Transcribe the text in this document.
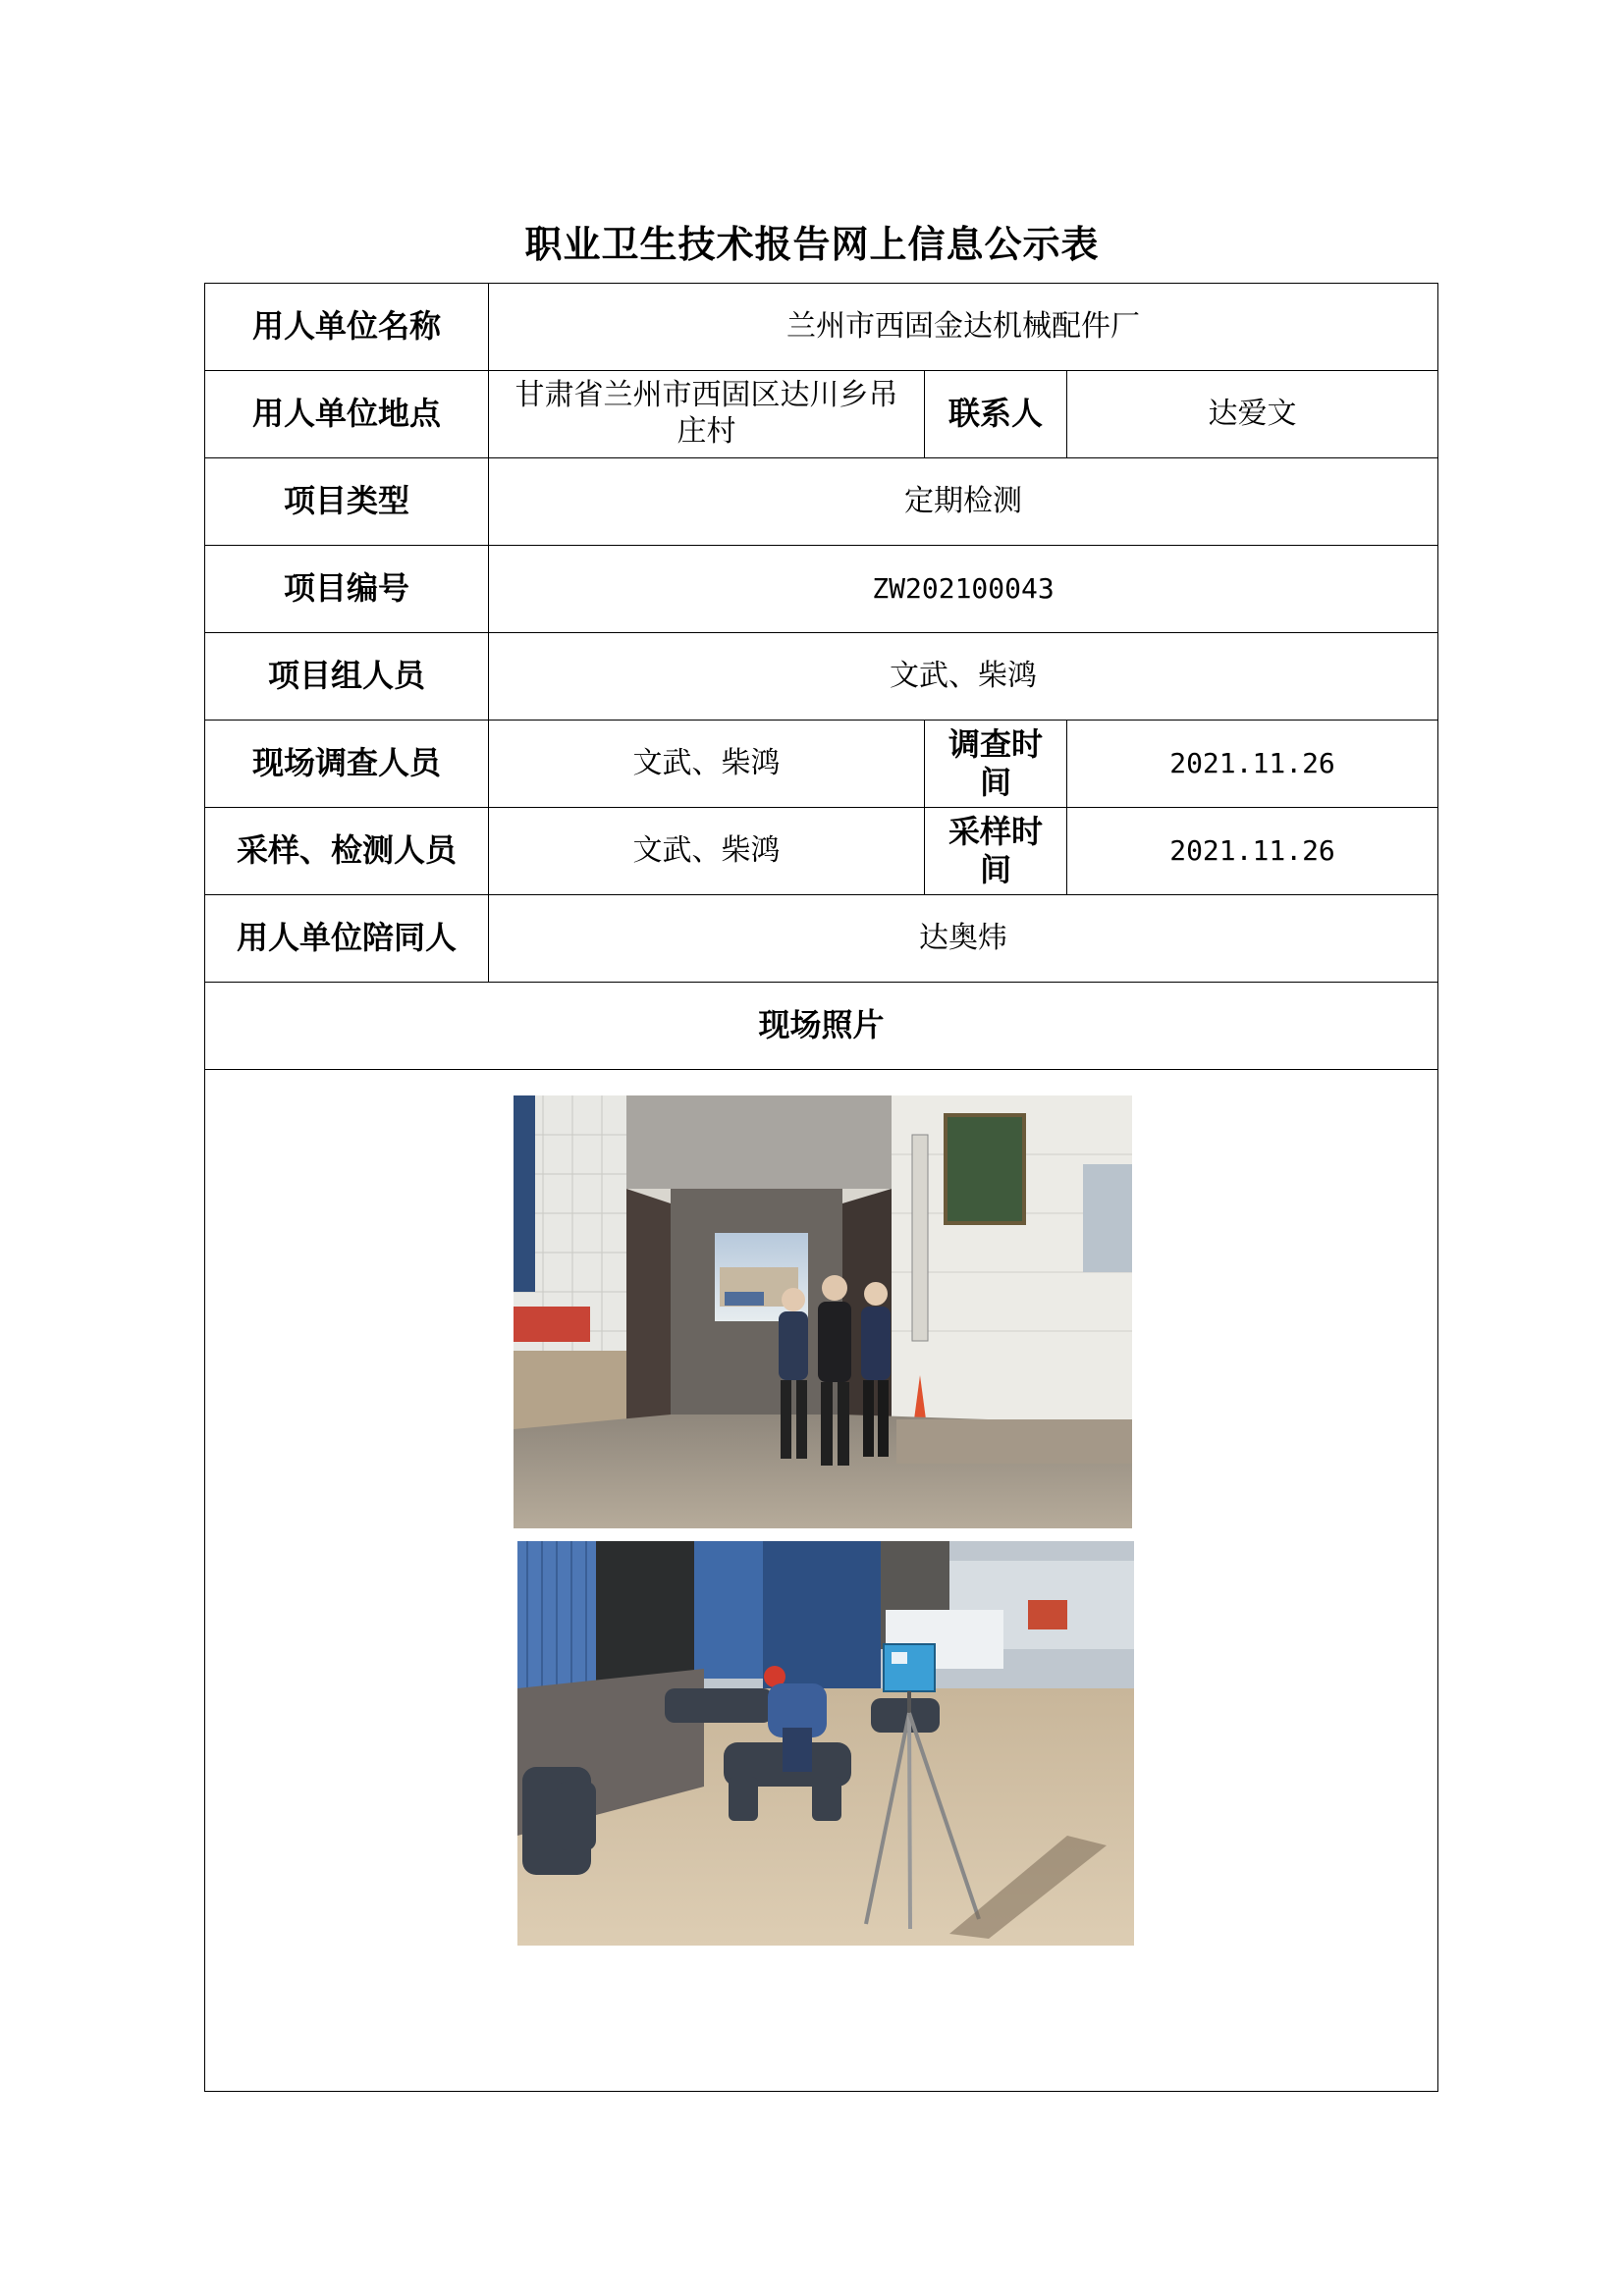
职业卫生技术报告网上信息公示表
用人单位名称	兰州市西固金达机械配件厂		
用人单位地点	甘肃省兰州市西固区达川乡吊庄村	联系人	达爱文
项目类型	定期检测		
项目编号	ZW202100043		
项目组人员	文武、柴鸿		
现场调查人员	文武、柴鸿	调查时间	2021.11.26
采样、检测人员	文武、柴鸿	采样时间	2021.11.26
用人单位陪同人	达奥炜		
现场照片			
